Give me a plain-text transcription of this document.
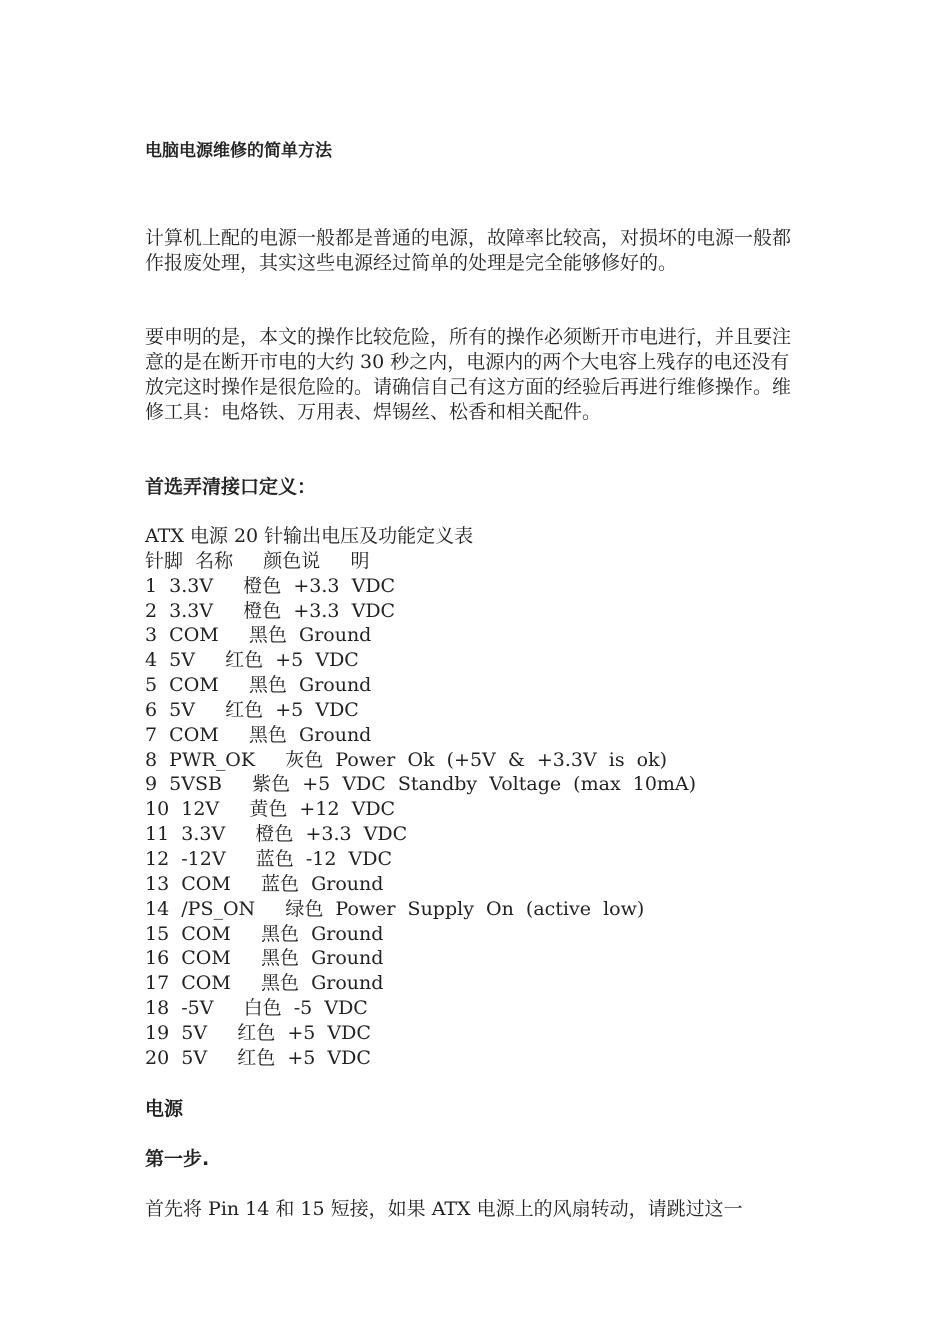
电脑电源维修的简单方法

计算机上配的电源一般都是普通的电源，故障率比较高，对损坏的电源一般都作报废处理，其实这些电源经过简单的处理是完全能够修好的。

要申明的是，本文的操作比较危险，所有的操作必须断开市电进行，并且要注意的是在断开市电的大约 30 秒之内，电源内的两个大电容上残存的电还没有放完这时操作是很危险的。请确信自己有这方面的经验后再进行维修操作。维修工具：电烙铁、万用表、焊锡丝、松香和相关配件。

首选弄清接口定义：
ATX 电源 20 针输出电压及功能定义表
针脚  名称     颜色说     明
1  3.3V     橙色  +3.3  VDC
2  3.3V     橙色  +3.3  VDC
3  COM     黑色  Ground
4  5V     红色  +5  VDC
5  COM     黑色  Ground
6  5V     红色  +5  VDC
7  COM     黑色  Ground
8  PWR_OK     灰色  Power  Ok  (+5V  &  +3.3V  is  ok)
9  5VSB     紫色  +5  VDC  Standby  Voltage  (max  10mA)
10  12V     黄色  +12  VDC
11  3.3V     橙色  +3.3  VDC
12  -12V     蓝色  -12  VDC
13  COM     蓝色  Ground
14  /PS_ON     绿色  Power  Supply  On  (active  low)
15  COM     黑色  Ground
16  COM     黑色  Ground
17  COM     黑色  Ground
18  -5V     白色  -5  VDC
19  5V     红色  +5  VDC
20  5V     红色  +5  VDC
电源
第一步.

首先将 Pin 14 和 15 短接，如果 ATX 电源上的风扇转动，请跳过这一
